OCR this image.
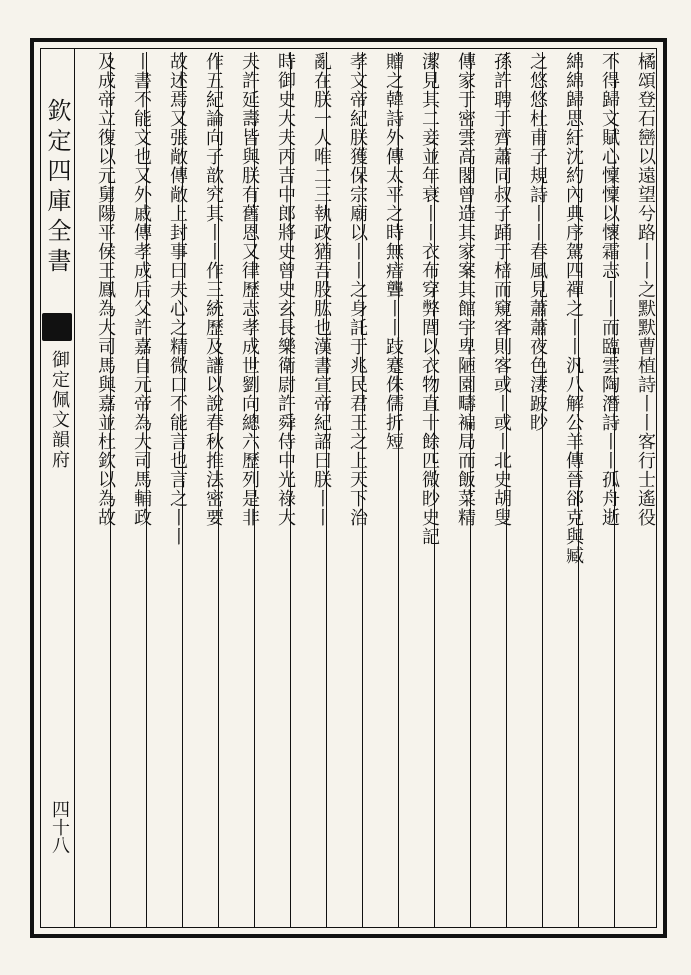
欽定四庫全書
御定佩文韻府
四十八
橘頌登石巒以遠望兮路丨丨之默默曹植詩丨丨客行士遙役
不得歸文賦心懍懍以懷霜志丨丨而臨雲陶潛詩丨丨孤舟逝
綿綿歸思紆沈約內典序駕四禪之丨丨汎八解公羊傳晉郤克與臧
之悠悠杜甫子規詩丨丨春風見蕭蕭夜色淒跛眇
孫許聘于齊蕭同叔子踊于棓而窺客則客或丨或丨北史胡叟
傳家于密雲高閣曾造其家案其館宇卑陋園疇褊局而飯菜精
潔見其二妾並年衰丨丨衣布穿弊閭以衣物直十餘匹微眇史記
贈之韓詩外傳太平之時無瘖聾丨丨跂蹇侏儒折短
孝文帝紀朕獲保宗廟以丨丨之身託于兆民君王之上天下治
亂在朕一人唯二三執政猶吾股肱也漢書宣帝紀詔曰朕丨丨
時御史大夫丙吉中郎將史曾史玄長樂衛尉許舜侍中光祿大
夫許延壽皆與朕有舊恩又律歷志孝成世劉向總六歷列是非
作五紀論向子歆究其丨丨作三統歷及譜以說春秋推法密要
故述焉又張敞傳敞上封事曰夫心之精微口不能言也言之丨丨
丨書不能文也又外戚傳孝成后父許嘉自元帝為大司馬輔政
及成帝立復以元舅陽平侯王鳳為大司馬與嘉並杜欽以為故
